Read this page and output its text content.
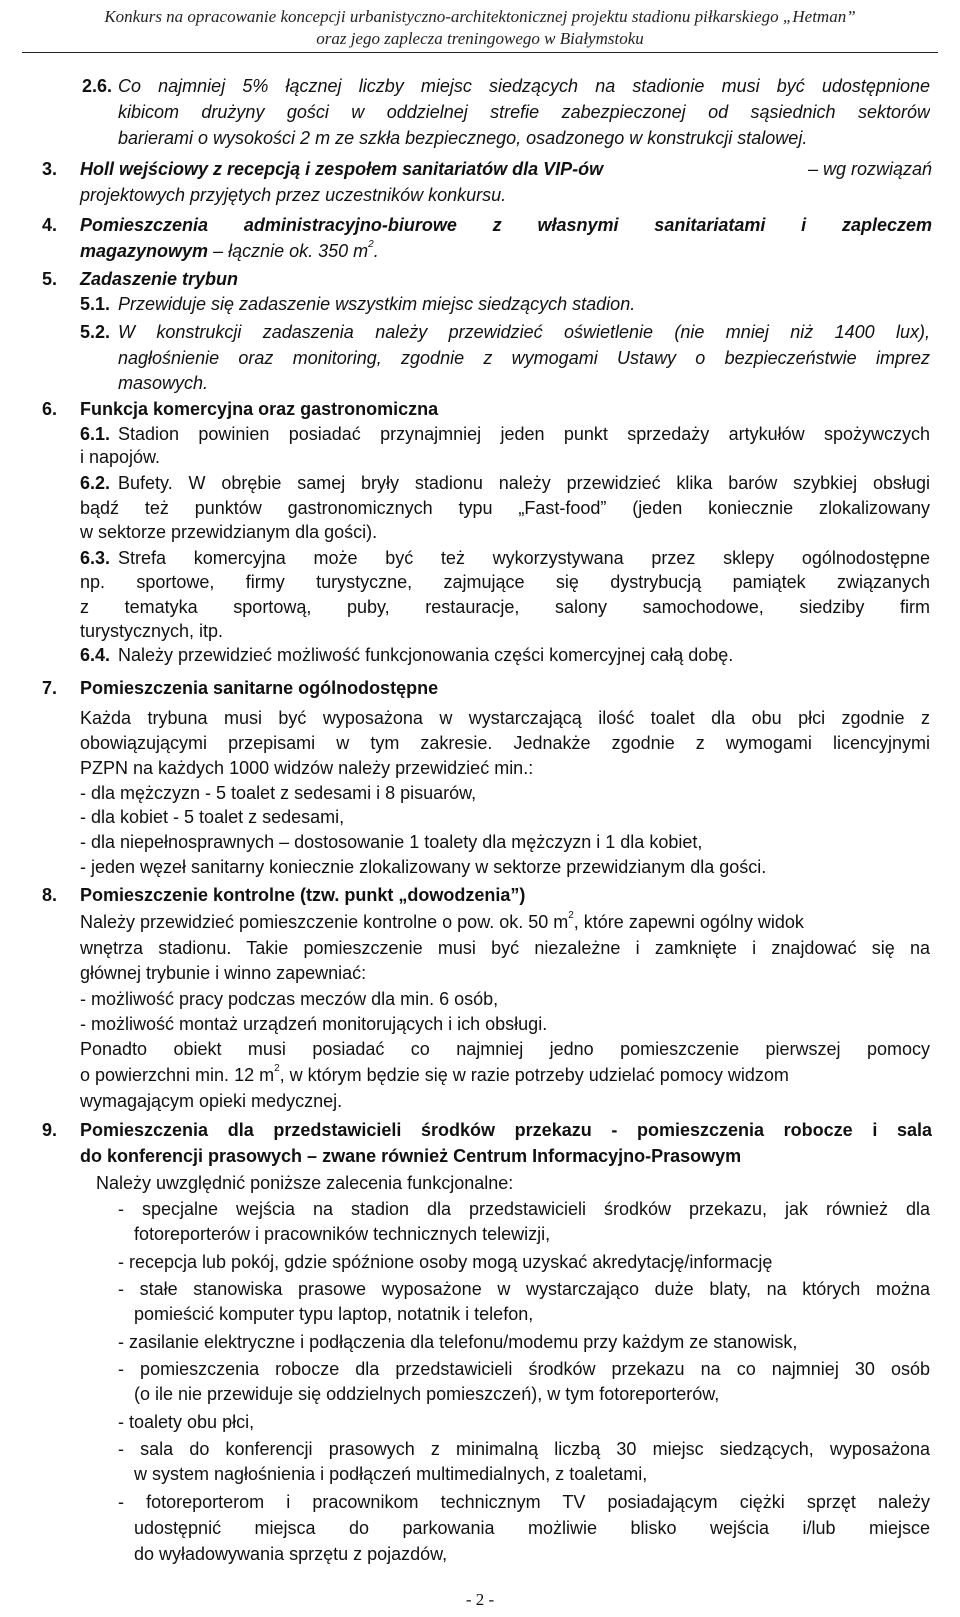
Konkurs na opracowanie koncepcji urbanistyczno-architektonicznej projektu stadionu piłkarskiego „Hetman”
oraz jego zaplecza treningowego w Białymstoku
2.6. Co najmniej 5% łącznej liczby miejsc siedzących na stadionie musi być udostępnione
kibicom drużyny gości w oddzielnej strefie zabezpieczonej od sąsiednich sektorów
barierami o wysokości 2 m ze szkła bezpiecznego, osadzonego w konstrukcji stalowej.
3. Holl wejściowy z recepcją i zespołem sanitariatów dla VIP-ów	– wg rozwiązań
projektowych przyjętych przez uczestników konkursu.
4. Pomieszczenia administracyjno-biurowe z własnymi sanitariatami i zapleczem
magazynowym – łącznie ok. 350 $m^2$.
5. Zadaszenie trybun
5.1. Przewiduje się zadaszenie wszystkim miejsc siedzących stadion.
5.2. W konstrukcji zadaszenia należy przewidzieć oświetlenie (nie mniej niż 1400 lux),
nagłośnienie oraz monitoring, zgodnie z wymogami Ustawy o bezpieczeństwie imprez
masowych.
6. Funkcja komercyjna oraz gastronomiczna
6.1. Stadion powinien posiadać przynajmniej jeden punkt sprzedaży artykułów spożywczych
i napojów.
6.2. Bufety. W obrębie samej bryły stadionu należy przewidzieć klika barów szybkiej obsługi
bądź też punktów gastronomicznych typu „Fast-food” (jeden koniecznie zlokalizowany
w sektorze przewidzianym dla gości).
6.3. Strefa komercyjna może być też wykorzystywana przez sklepy ogólnodostępne
np. sportowe, firmy turystyczne, zajmujące się dystrybucją pamiątek związanych
z tematyka sportową, puby, restauracje, salony samochodowe, siedziby firm
turystycznych, itp.
6.4. Należy przewidzieć możliwość funkcjonowania części komercyjnej całą dobę.
7. Pomieszczenia sanitarne ogólnodostępne
Każda trybuna musi być wyposażona w wystarczającą ilość toalet dla obu płci zgodnie z
obowiązującymi przepisami w tym zakresie. Jednakże zgodnie z wymogami licencyjnymi
PZPN na każdych 1000 widzów należy przewidzieć min.:
- dla mężczyzn - 5 toalet z sedesami i 8 pisuarów,
- dla kobiet - 5 toalet z sedesami,
- dla niepełnosprawnych – dostosowanie 1 toalety dla mężczyzn i 1 dla kobiet,
- jeden węzeł sanitarny koniecznie zlokalizowany w sektorze przewidzianym dla gości.
8. Pomieszczenie kontrolne (tzw. punkt „dowodzenia”)
Należy przewidzieć pomieszczenie kontrolne o pow. ok. 50 $m^2$, które zapewni ogólny widok
wnętrza stadionu. Takie pomieszczenie musi być niezależne i zamknięte i znajdować się na
głównej trybunie i winno zapewniać:
- możliwość pracy podczas meczów dla min. 6 osób,
- możliwość montaż urządzeń monitorujących i ich obsługi.
Ponadto obiekt musi posiadać co najmniej jedno pomieszczenie pierwszej pomocy
o powierzchni min. 12 $m^2$, w którym będzie się w razie potrzeby udzielać pomocy widzom
wymagającym opieki medycznej.
9. Pomieszczenia dla przedstawicieli środków przekazu - pomieszczenia robocze i sala
do konferencji prasowych – zwane również Centrum Informacyjno-Prasowym
Należy uwzględnić poniższe zalecenia funkcjonalne:
- specjalne wejścia na stadion dla przedstawicieli środków przekazu, jak również dla
fotoreporterów i pracowników technicznych telewizji,
- recepcja lub pokój, gdzie spóźnione osoby mogą uzyskać akredytację/informację
- stałe stanowiska prasowe wyposażone w wystarczająco duże blaty, na których można
pomieścić komputer typu laptop, notatnik i telefon,
- zasilanie elektryczne i podłączenia dla telefonu/modemu przy każdym ze stanowisk,
- pomieszczenia robocze dla przedstawicieli środków przekazu na co najmniej 30 osób
(o ile nie przewiduje się oddzielnych pomieszczeń), w tym fotoreporterów,
- toalety obu płci,
- sala do konferencji prasowych z minimalną liczbą 30 miejsc siedzących, wyposażona
w system nagłośnienia i podłączeń multimedialnych, z toaletami,
- fotoreporterom i pracownikom technicznym TV posiadającym ciężki sprzęt należy
udostępnić miejsca do parkowania możliwie blisko wejścia i/lub miejsce
do wyładowywania sprzętu z pojazdów,
- 2 -
